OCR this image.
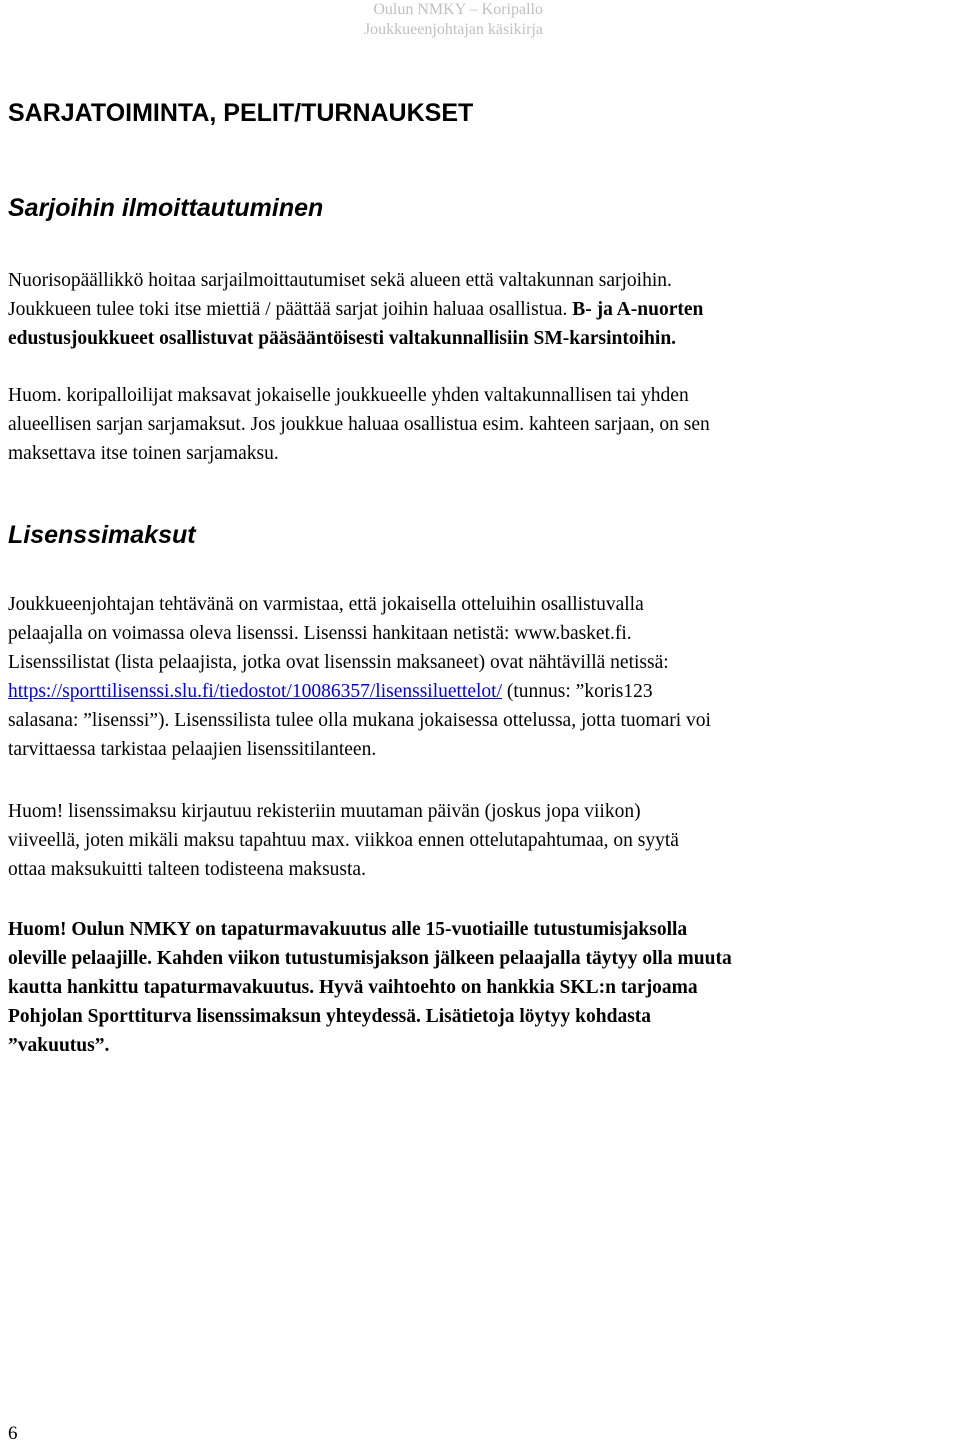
Oulun NMKY – Koripallo
Joukkueenjohtajan käsikirja
SARJATOIMINTA, PELIT/TURNAUKSET
Sarjoihin ilmoittautuminen

Nuorisopäällikkö hoitaa sarjailmoittautumiset sekä alueen että valtakunnan sarjoihin.
Joukkueen tulee toki itse miettiä / päättää sarjat joihin haluaa osallistua. B- ja A-nuorten
edustusjoukkueet osallistuvat pääsääntöisesti valtakunnallisiin SM-karsintoihin.

Huom. koripalloilijat maksavat jokaiselle joukkueelle yhden valtakunnallisen tai yhden
alueellisen sarjan sarjamaksut. Jos joukkue haluaa osallistua esim. kahteen sarjaan, on sen
maksettava itse toinen sarjamaksu.

Lisenssimaksut

Joukkueenjohtajan tehtävänä on varmistaa, että jokaisella otteluihin osallistuvalla
pelaajalla on voimassa oleva lisenssi. Lisenssi hankitaan netistä: www.basket.fi.
Lisenssilistat (lista pelaajista, jotka ovat lisenssin maksaneet) ovat nähtävillä netissä:
https://sporttilisenssi.slu.fi/tiedostot/10086357/lisenssiluettelot/ (tunnus: ”koris123
salasana: ”lisenssi”). Lisenssilista tulee olla mukana jokaisessa ottelussa, jotta tuomari voi
tarvittaessa tarkistaa pelaajien lisenssitilanteen.

Huom! lisenssimaksu kirjautuu rekisteriin muutaman päivän (joskus jopa viikon)
viiveellä, joten mikäli maksu tapahtuu max. viikkoa ennen ottelutapahtumaa, on syytä
ottaa maksukuitti talteen todisteena maksusta.

Huom! Oulun NMKY on tapaturmavakuutus alle 15-vuotiaille tutustumisjaksolla
oleville pelaajille. Kahden viikon tutustumisjakson jälkeen pelaajalla täytyy olla muuta
kautta hankittu tapaturmavakuutus. Hyvä vaihtoehto on hankkia SKL:n tarjoama
Pohjolan Sporttiturva lisenssimaksun yhteydessä. Lisätietoja löytyy kohdasta
”vakuutus”.

6
